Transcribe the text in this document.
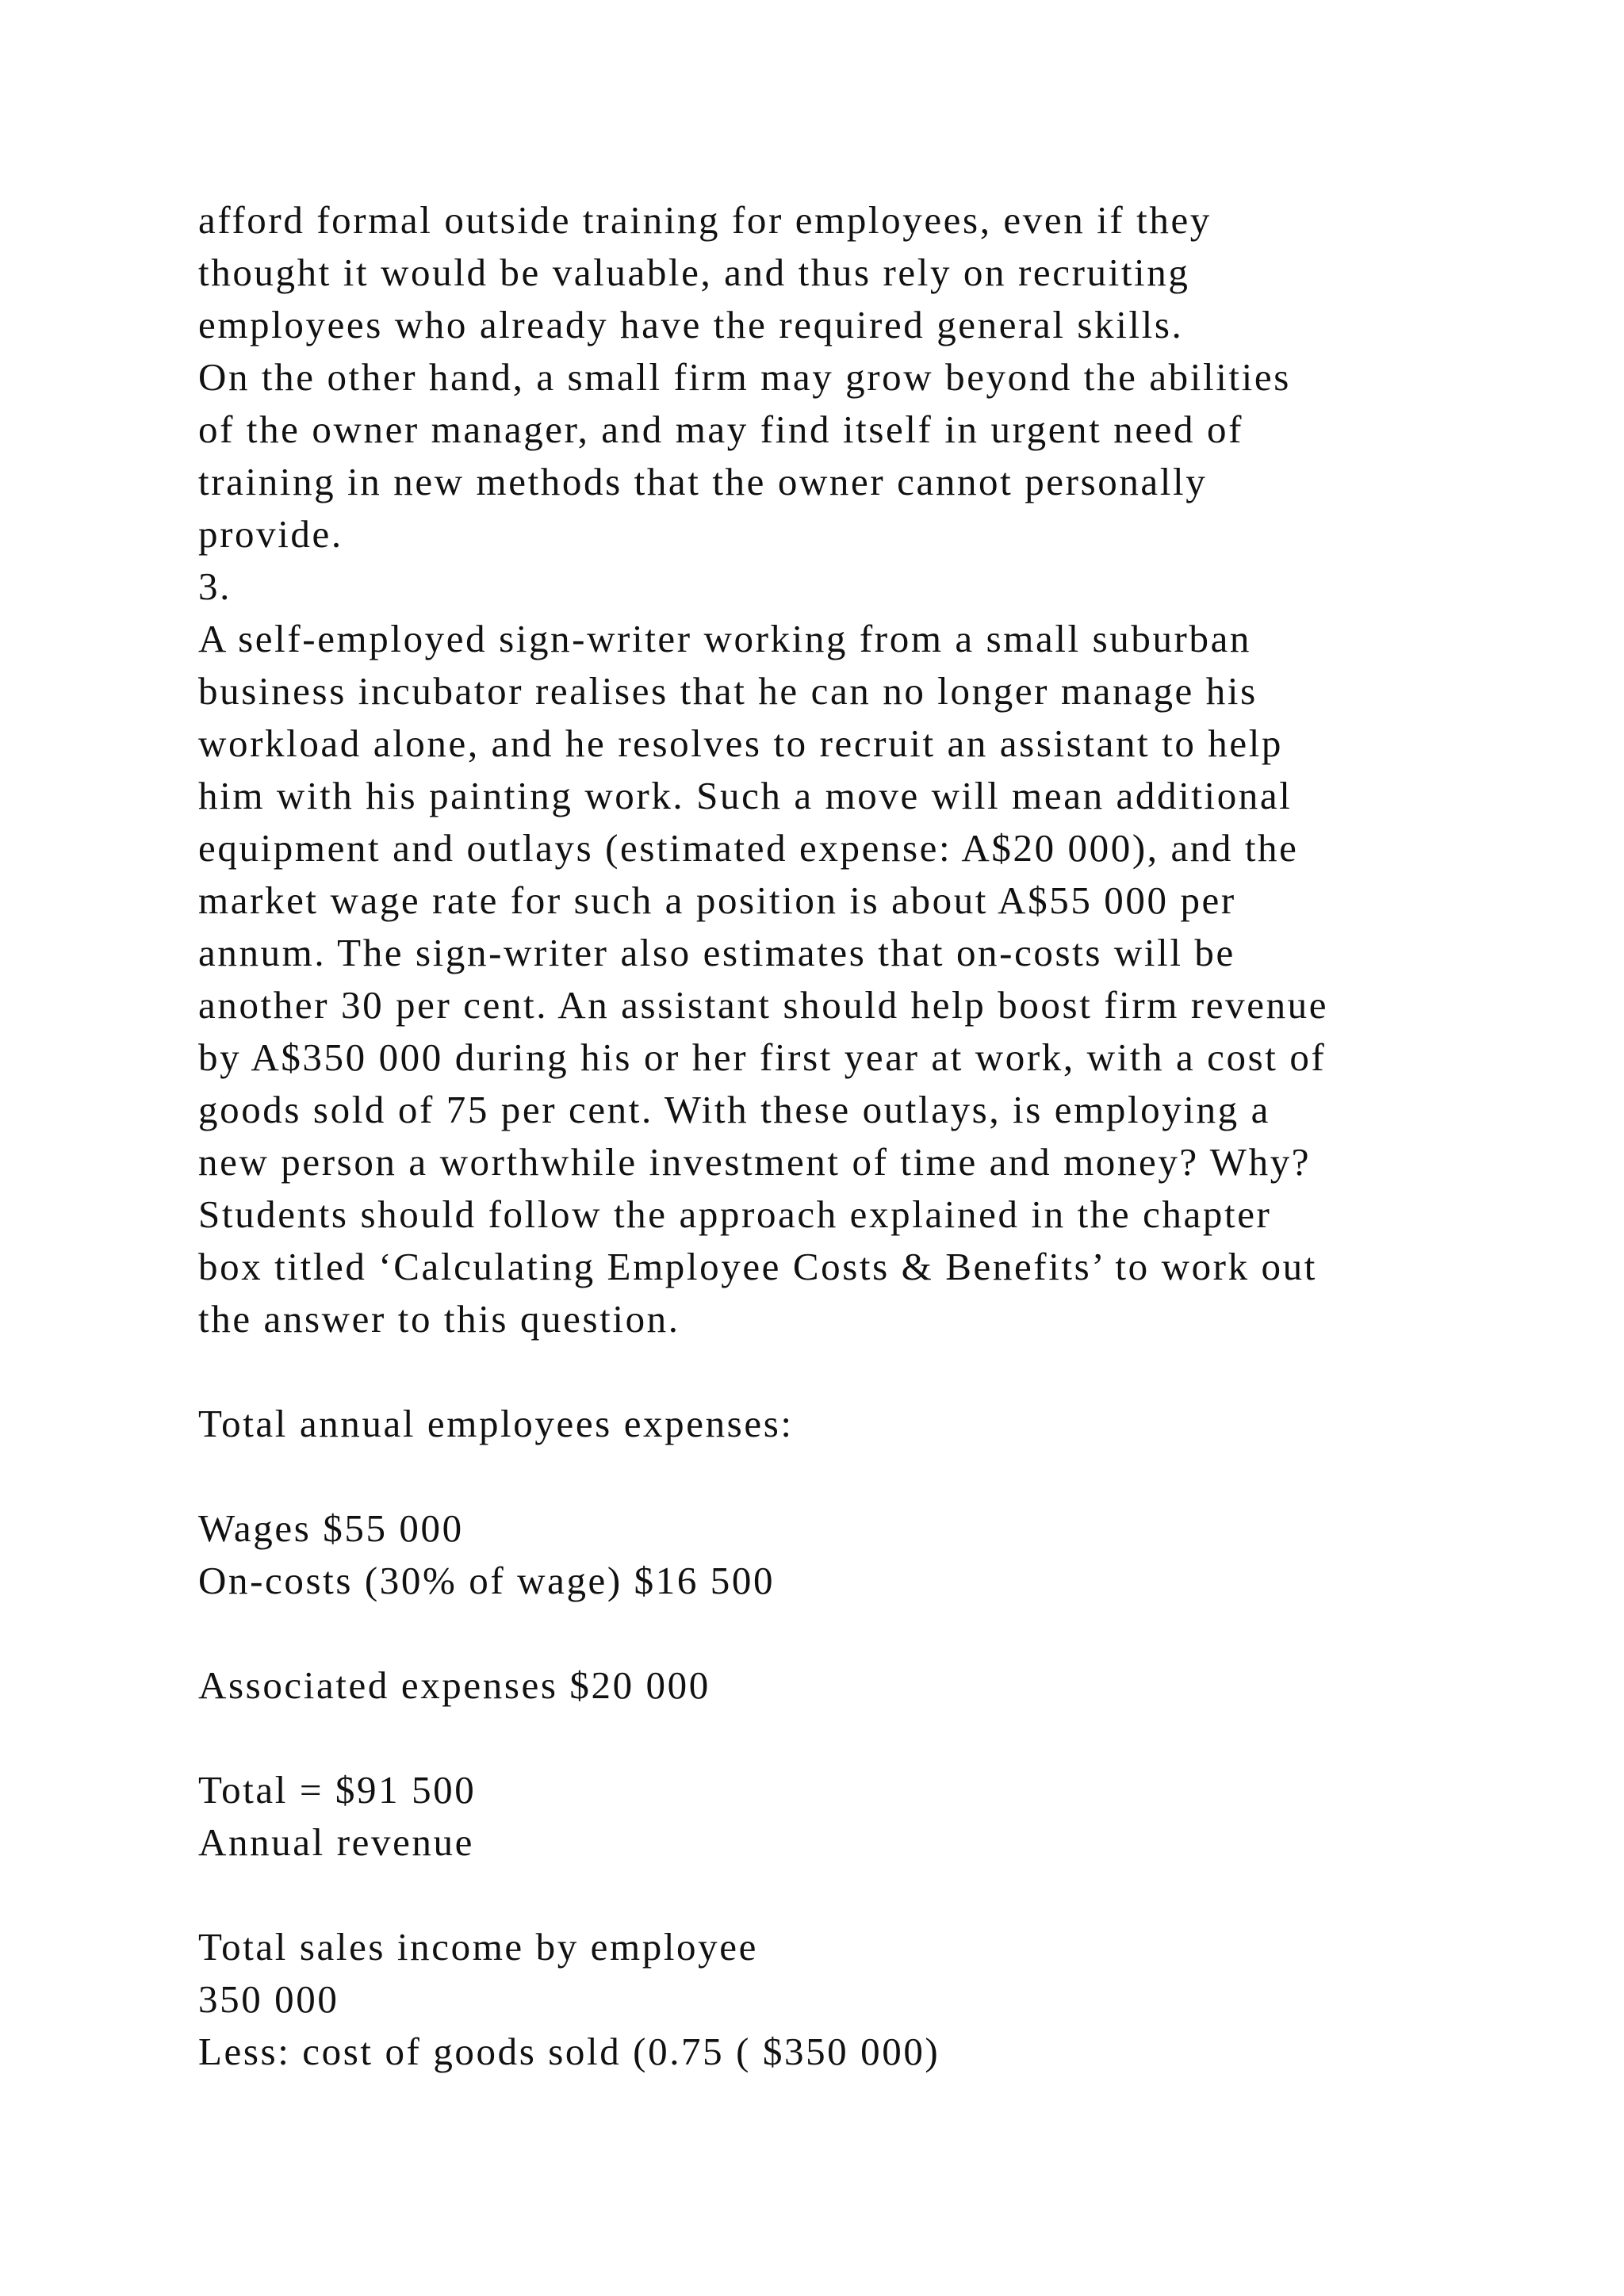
afford formal outside training for employees, even if they
thought it would be valuable, and thus rely on recruiting
employees who already have the required general skills.
On the other hand, a small firm may grow beyond the abilities
of the owner manager, and may find itself in urgent need of
training in new methods that the owner cannot personally
provide.
3.
A self-employed sign-writer working from a small suburban
business incubator realises that he can no longer manage his
workload alone, and he resolves to recruit an assistant to help
him with his painting work. Such a move will mean additional
equipment and outlays (estimated expense: A$20 000), and the
market wage rate for such a position is about A$55 000 per
annum. The sign-writer also estimates that on-costs will be
another 30 per cent. An assistant should help boost firm revenue
by A$350 000 during his or her first year at work, with a cost of
goods sold of 75 per cent. With these outlays, is employing a
new person a worthwhile investment of time and money? Why?
Students should follow the approach explained in the chapter
box titled ‘Calculating Employee Costs & Benefits’ to work out
the answer to this question.
Total annual employees expenses:
Wages $55 000
On-costs (30% of wage) $16 500
Associated expenses $20 000
Total = $91 500
Annual revenue
Total sales income by employee
350 000
Less: cost of goods sold (0.75 ( $350 000)
